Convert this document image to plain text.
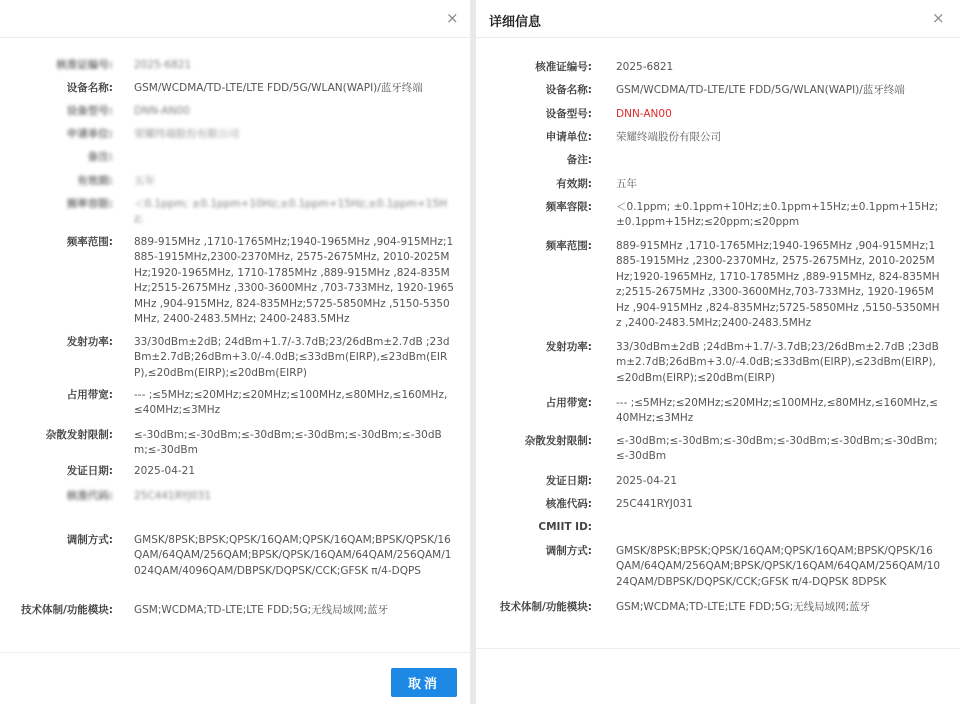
×
核准证编号: 2025-6821
设备名称: GSM/WCDMA/TD-LTE/LTE FDD/5G/WLAN(WAPI)/蓝牙终端
设备型号: DNN-AN00
申请单位: 荣耀终端股份有限公司
备注:
有效期: 五年
频率容限: ＜0.1ppm; ±0.1ppm+10Hz;±0.1ppm+15Hz;±0.1ppm+15Hz;
频率范围: 889-915MHz ,1710-1765MHz;1940-1965MHz ,904-915MHz;1885-1915MHz,2300-2370MHz, 2575-2675MHz, 2010-2025MHz;1920-1965MHz, 1710-1785MHz ,889-915MHz ,824-835MHz;2515-2675MHz ,3300-3600MHz ,703-733MHz, 1920-1965MHz ,904-915MHz, 824-835MHz;5725-5850MHz ,5150-5350MHz, 2400-2483.5MHz; 2400-2483.5MHz
发射功率: 33/30dBm±2dB; 24dBm+1.7/-3.7dB;23/26dBm±2.7dB ;23dBm±2.7dB;26dBm+3.0/-4.0dB;≤33dBm(EIRP),≤23dBm(EIRP),≤20dBm(EIRP);≤20dBm(EIRP)
占用带宽: --- ;≤5MHz;≤20MHz;≤20MHz;≤100MHz,≤80MHz,≤160MHz,≤40MHz;≤3MHz
杂散发射限制: ≤-30dBm;≤-30dBm;≤-30dBm;≤-30dBm;≤-30dBm;≤-30dBm;≤-30dBm
发证日期: 2025-04-21
核准代码: 25C441RYJ031
调制方式: GMSK/8PSK;BPSK;QPSK/16QAM;QPSK/16QAM;BPSK/QPSK/16QAM/64QAM/256QAM;BPSK/QPSK/16QAM/64QAM/256QAM/1024QAM/4096QAM/DBPSK/DQPSK/CCK;GFSK π/4-DQPS
技术体制/功能模块: GSM;WCDMA;TD-LTE;LTE FDD;5G;无线局域网;蓝牙
取消
详细信息	×
核准证编号: 2025-6821
设备名称: GSM/WCDMA/TD-LTE/LTE FDD/5G/WLAN(WAPI)/蓝牙终端
设备型号: DNN-AN00
申请单位: 荣耀终端股份有限公司
备注:
有效期: 五年
频率容限: ＜0.1ppm; ±0.1ppm+10Hz;±0.1ppm+15Hz;±0.1ppm+15Hz;±0.1ppm+15Hz;≤20ppm;≤20ppm
频率范围: 889-915MHz ,1710-1765MHz;1940-1965MHz ,904-915MHz;1885-1915MHz ,2300-2370MHz, 2575-2675MHz, 2010-2025MHz;1920-1965MHz, 1710-1785MHz ,889-915MHz, 824-835MHz;2515-2675MHz ,3300-3600MHz,703-733MHz, 1920-1965MHz ,904-915MHz ,824-835MHz;5725-5850MHz ,5150-5350MHz ,2400-2483.5MHz;2400-2483.5MHz
发射功率: 33/30dBm±2dB ;24dBm+1.7/-3.7dB;23/26dBm±2.7dB ;23dBm±2.7dB;26dBm+3.0/-4.0dB;≤33dBm(EIRP),≤23dBm(EIRP),≤20dBm(EIRP);≤20dBm(EIRP)
占用带宽: --- ;≤5MHz;≤20MHz;≤20MHz;≤100MHz,≤80MHz,≤160MHz,≤40MHz;≤3MHz
杂散发射限制: ≤-30dBm;≤-30dBm;≤-30dBm;≤-30dBm;≤-30dBm;≤-30dBm;≤-30dBm
发证日期: 2025-04-21
核准代码: 25C441RYJ031
CMIIT ID:
调制方式: GMSK/8PSK;BPSK;QPSK/16QAM;QPSK/16QAM;BPSK/QPSK/16QAM/64QAM/256QAM;BPSK/QPSK/16QAM/64QAM/256QAM/1024QAM/DBPSK/DQPSK/CCK;GFSK π/4-DQPSK 8DPSK
技术体制/功能模块: GSM;WCDMA;TD-LTE;LTE FDD;5G;无线局域网;蓝牙
